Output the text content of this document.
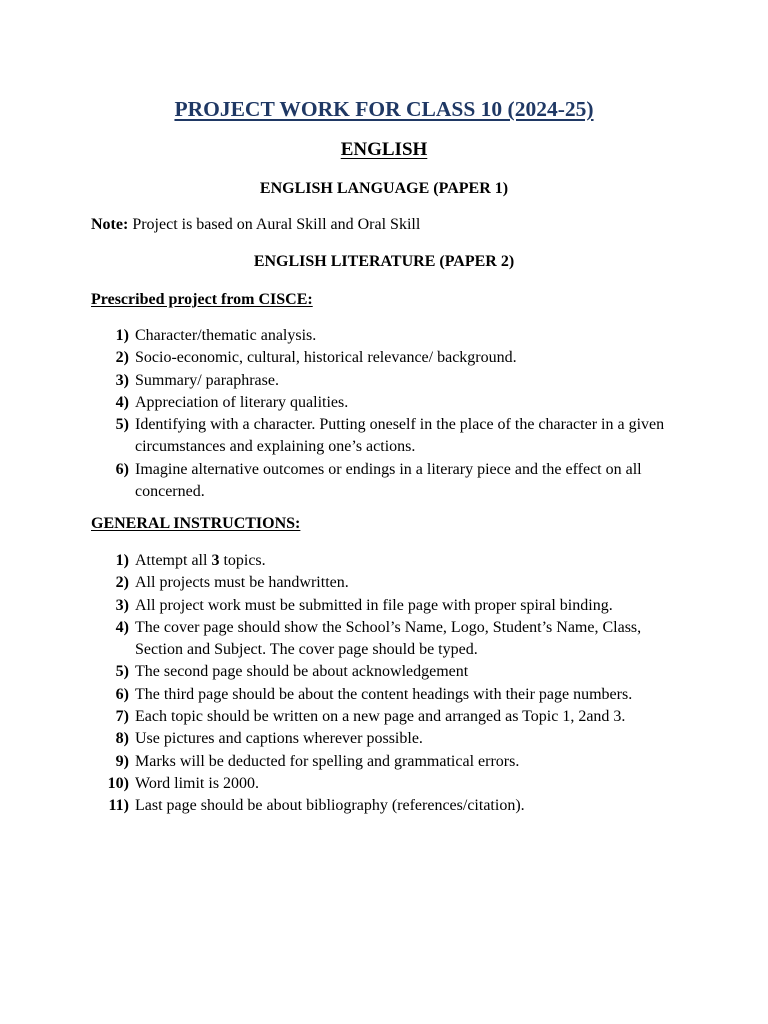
PROJECT WORK FOR CLASS 10 (2024-25)

ENGLISH

ENGLISH LANGUAGE (PAPER 1)

Note: Project is based on Aural Skill and Oral Skill

ENGLISH LITERATURE (PAPER 2)

Prescribed project from CISCE:

1) Character/thematic analysis.
2) Socio-economic, cultural, historical relevance/ background.
3) Summary/ paraphrase.
4) Appreciation of literary qualities.
5) Identifying with a character. Putting oneself in the place of the character in a given circumstances and explaining one’s actions.
6) Imagine alternative outcomes or endings in a literary piece and the effect on all concerned.

GENERAL INSTRUCTIONS:

1) Attempt all 3 topics.
2) All projects must be handwritten.
3) All project work must be submitted in file page with proper spiral binding.
4) The cover page should show the School’s Name, Logo, Student’s Name, Class, Section and Subject. The cover page should be typed.
5) The second page should be about acknowledgement
6) The third page should be about the content headings with their page numbers.
7) Each topic should be written on a new page and arranged as Topic 1, 2and 3.
8) Use pictures and captions wherever possible.
9) Marks will be deducted for spelling and grammatical errors.
10) Word limit is 2000.
11) Last page should be about bibliography (references/citation).
